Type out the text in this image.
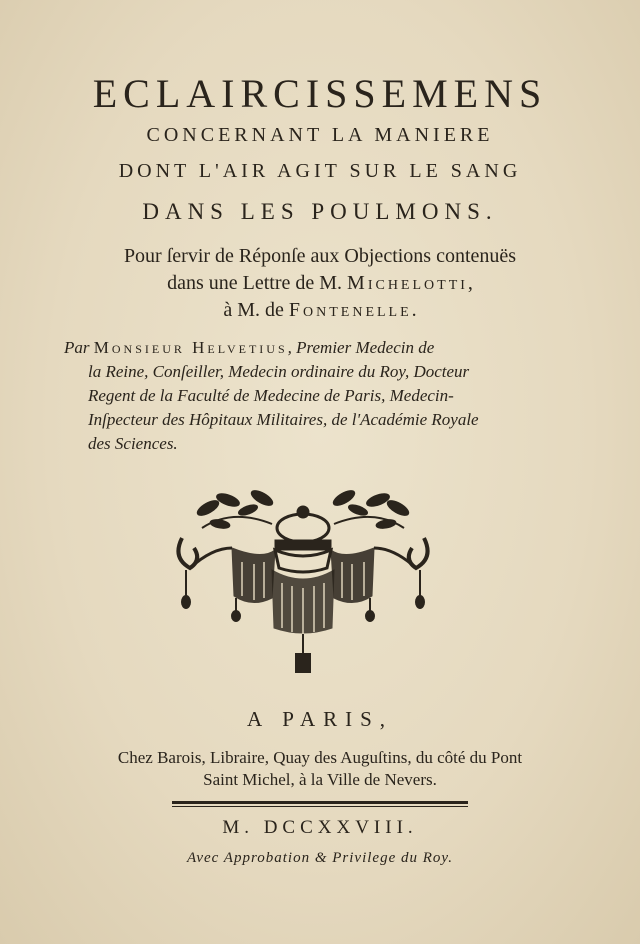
ECLAIRCISSEMENS
CONCERNANT LA MANIERE
DONT L'AIR AGIT SUR LE SANG
DANS LES POULMONS.
Pour ſervir de Réponſe aux Objections contenuës
dans une Lettre de M. Michelotti,
à M. de Fontenelle.
Par Monsieur Helvetius, Premier Medecin de
la Reine, Conſeiller, Medecin ordinaire du Roy, Docteur
Regent de la Faculté de Medecine de Paris, Medecin-
Inſpecteur des Hôpitaux Militaires, de l'Académie Royale
des Sciences.
A PARIS,
Chez Barois, Libraire, Quay des Auguſtins, du côté du Pont
Saint Michel, à la Ville de Nevers.
M. DCCXXVIII.
Avec Approbation & Privilege du Roy.
